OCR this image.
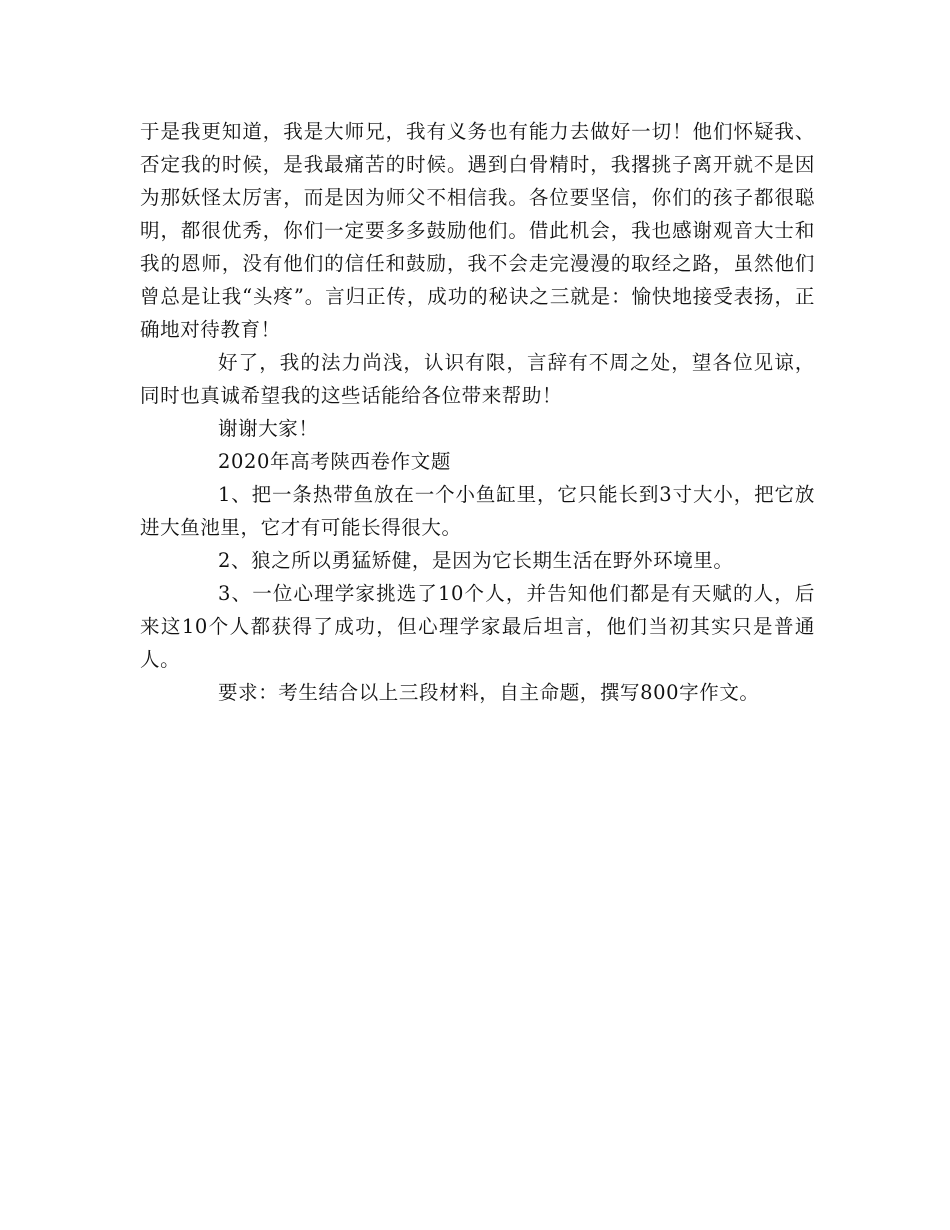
于是我更知道，我是大师兄，我有义务也有能力去做好一切！他们怀疑我、否定我的时候，是我最痛苦的时候。遇到白骨精时，我撂挑子离开就不是因为那妖怪太厉害，而是因为师父不相信我。各位要坚信，你们的孩子都很聪明，都很优秀，你们一定要多多鼓励他们。借此机会，我也感谢观音大士和我的恩师，没有他们的信任和鼓励，我不会走完漫漫的取经之路，虽然他们曾总是让我“头疼”。言归正传，成功的秘诀之三就是：愉快地接受表扬，正确地对待教育！

好了，我的法力尚浅，认识有限，言辞有不周之处，望各位见谅，同时也真诚希望我的这些话能给各位带来帮助！

谢谢大家！

2020年高考陕西卷作文题

1、把一条热带鱼放在一个小鱼缸里，它只能长到3寸大小，把它放进大鱼池里，它才有可能长得很大。

2、狼之所以勇猛矫健，是因为它长期生活在野外环境里。

3、一位心理学家挑选了10个人，并告知他们都是有天赋的人，后来这10个人都获得了成功，但心理学家最后坦言，他们当初其实只是普通人。

要求：考生结合以上三段材料，自主命题，撰写800字作文。
